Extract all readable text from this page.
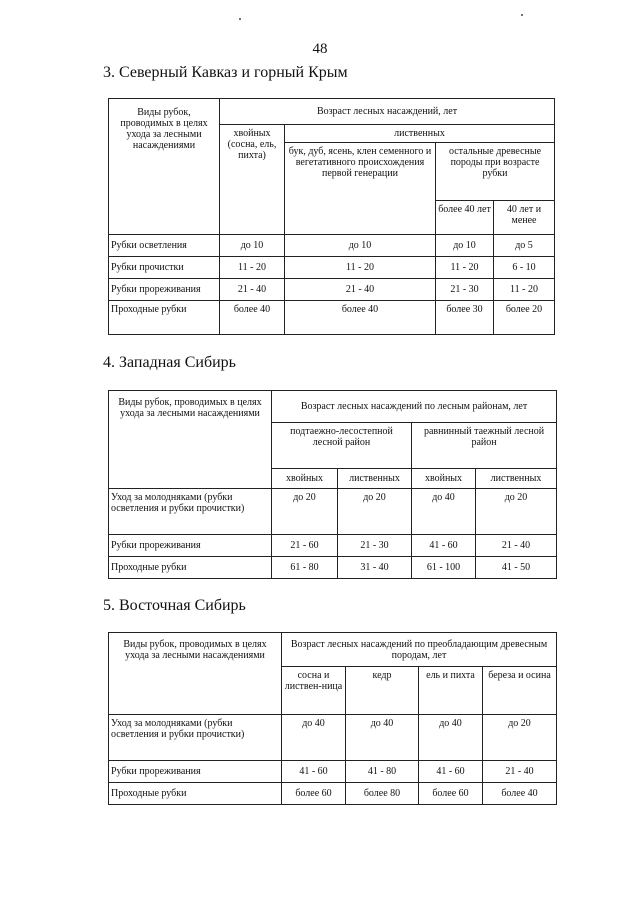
48
3. Северный Кавказ и горный Крым
Виды рубок, проводимых в целях ухода за лесными насаждениями	Возраст лесных насаждений, лет			
	хвойных (сосна, ель, пихта)	лиственных		
		бук, дуб, ясень, клен семенного и вегетативного происхождения первой генерации	остальные древесные породы при возрасте рубки	
			более 40 лет	40 лет и менее
Рубки осветления	до 10	до 10	до 10	до 5
Рубки прочистки	11 - 20	11 - 20	11 - 20	6 - 10
Рубки прореживания	21 - 40	21 - 40	21 - 30	11 - 20
Проходные рубки	более 40	более 40	более 30	более 20
4. Западная Сибирь
Виды рубок, проводимых в целях ухода за лесными насаждениями	Возраст лесных насаждений по лесным районам, лет			
	подтаежно-лесостепной лесной район		равнинный таежный лесной район	
	хвойных	лиственных	хвойных	лиственных
Уход за молодняками (рубки осветления и рубки прочистки)	до 20	до 20	до 40	до 20
Рубки прореживания	21 - 60	21 - 30	41 - 60	21 - 40
Проходные рубки	61 - 80	31 - 40	61 - 100	41 - 50
5. Восточная Сибирь
Виды рубок, проводимых в целях ухода за лесными насаждениями	Возраст лесных насаждений по преобладающим древесным породам, лет			
	сосна и листвен-ница	кедр	ель и пихта	береза и осина
Уход за молодняками (рубки осветления и рубки прочистки)	до 40	до 40	до 40	до 20
Рубки прореживания	41 - 60	41 - 80	41 - 60	21 - 40
Проходные рубки	более 60	более 80	более 60	более 40
